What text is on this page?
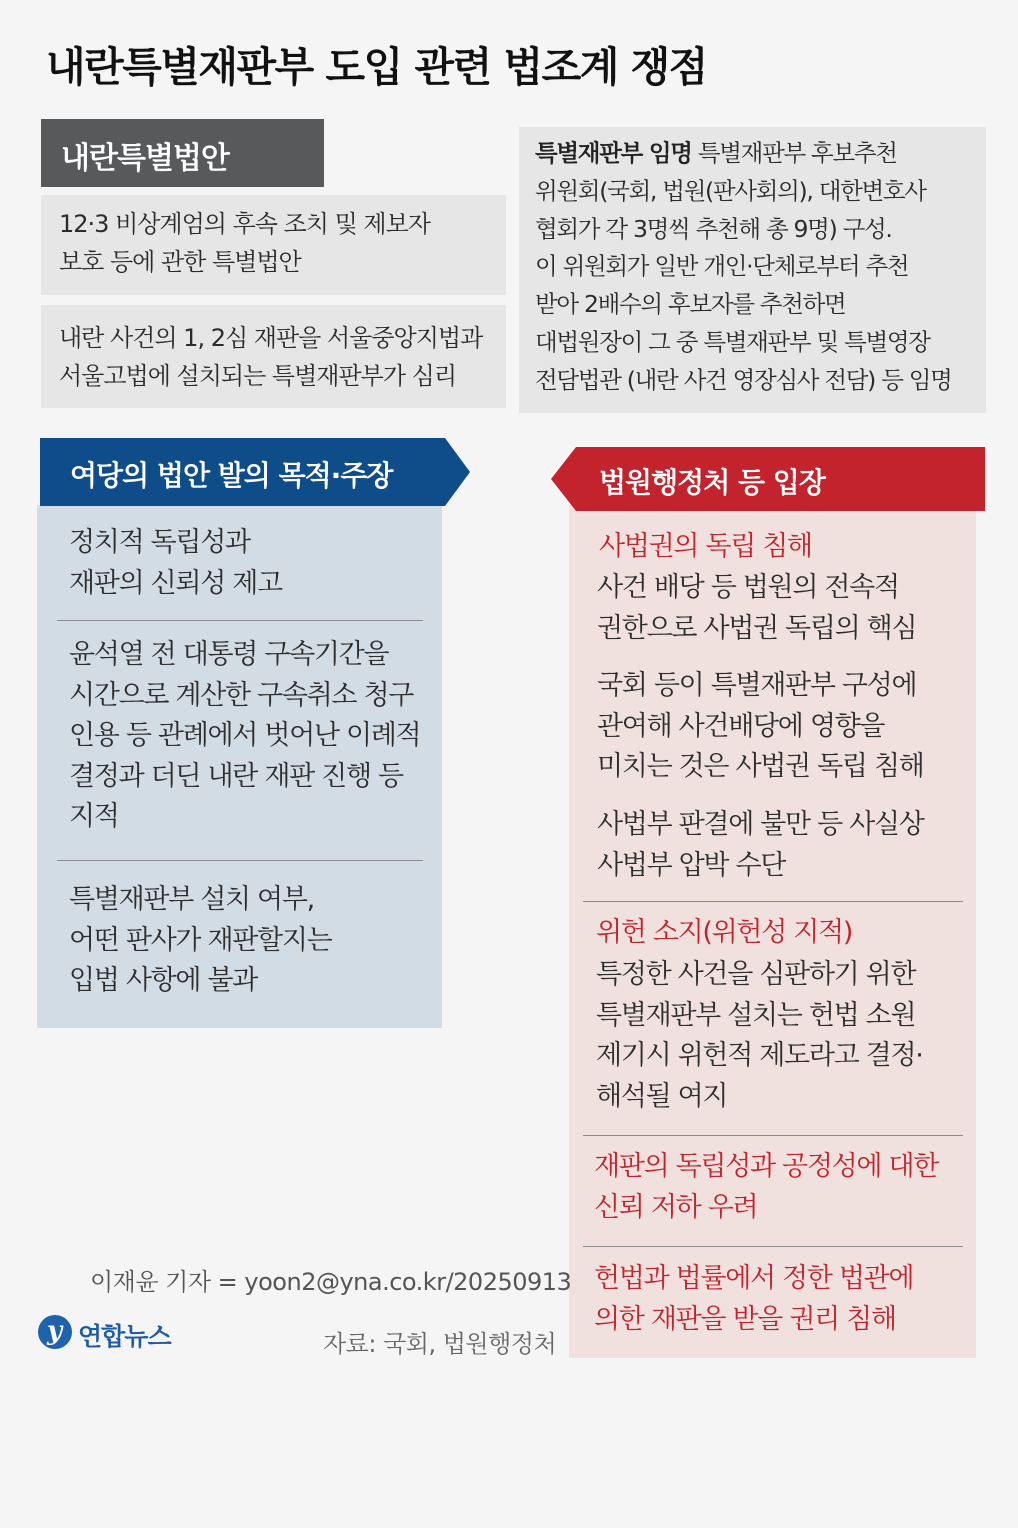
내란특별재판부 도입 관련 법조계 쟁점
내란특별법안
12·3 비상계엄의 후속 조치 및 제보자
보호 등에 관한 특별법안
내란 사건의 1, 2심 재판을 서울중앙지법과
서울고법에 설치되는 특별재판부가 심리
특별재판부 임명 특별재판부 후보추천
위원회(국회, 법원(판사회의), 대한변호사
협회가 각 3명씩 추천해 총 9명) 구성.
이 위원회가 일반 개인·단체로부터 추천
받아 2배수의 후보자를 추천하면
대법원장이 그 중 특별재판부 및 특별영장
전담법관 (내란 사건 영장심사 전담) 등 임명
정치적 독립성과
재판의 신뢰성 제고
윤석열 전 대통령 구속기간을
시간으로 계산한 구속취소 청구
인용 등 관례에서 벗어난 이례적
결정과 더딘 내란 재판 진행 등
지적
특별재판부 설치 여부,
어떤 판사가 재판할지는
입법 사항에 불과
여당의 법안 발의 목적·주장
사법권의 독립 침해
사건 배당 등 법원의 전속적
권한으로 사법권 독립의 핵심
국회 등이 특별재판부 구성에
관여해 사건배당에 영향을
미치는 것은 사법권 독립 침해
사법부 판결에 불만 등 사실상
사법부 압박 수단
위헌 소지(위헌성 지적)
특정한 사건을 심판하기 위한
특별재판부 설치는 헌법 소원
제기시 위헌적 제도라고 결정·
해석될 여지
재판의 독립성과 공정성에 대한
신뢰 저하 우려
헌법과 법률에서 정한 법관에
의한 재판을 받을 권리 침해
법원행정처 등 입장
이재윤 기자 = yoon2@yna.co.kr/20250913
y 연합뉴스	자료: 국회, 법원행정처
